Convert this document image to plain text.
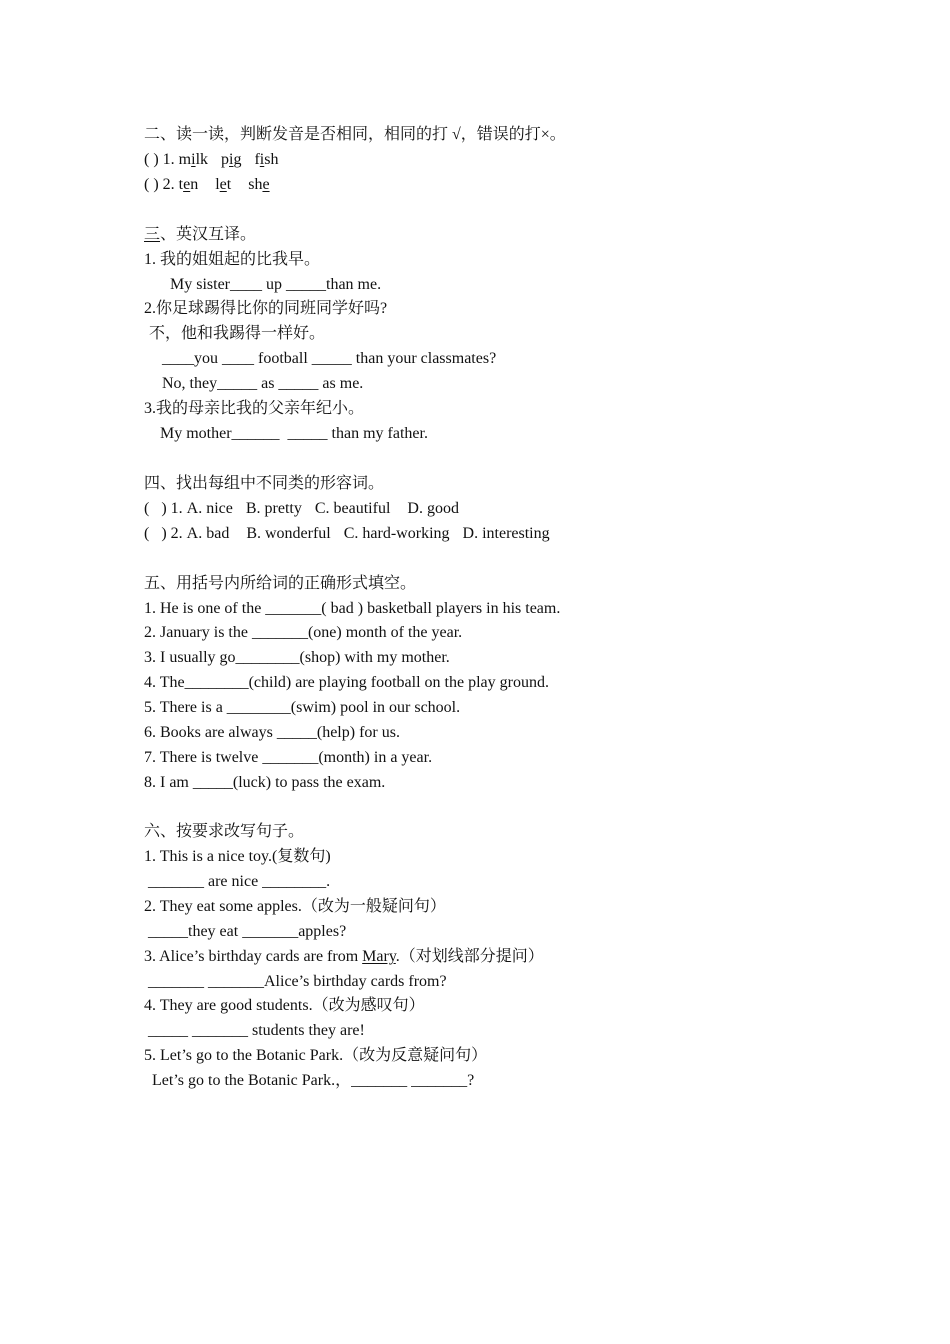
二、读一读，判断发音是否相同，相同的打 √，错误的打×。
( ) 1. milk pig fish
( ) 2. ten let she
三、英汉互译。
1. 我的姐姐起的比我早。
My sister____ up _____than me.
2.你足球踢得比你的同班同学好吗?
不，他和我踢得一样好。
____you ____ football _____ than your classmates?
No, they_____ as _____ as me.
3.我的母亲比我的父亲年纪小。
My mother______  _____ than my father.
四、找出每组中不同类的形容词。
(   ) 1. A. nice B. pretty C. beautiful D. good
(   ) 2. A. bad B. wonderful C. hard-working D. interesting
五、用括号内所给词的正确形式填空。
1. He is one of the _______( bad ) basketball players in his team.
2. January is the _______(one) month of the year.
3. I usually go________(shop) with my mother.
4. The________(child) are playing football on the play ground.
5. There is a ________(swim) pool in our school.
6. Books are always _____(help) for us.
7. There is twelve _______(month) in a year.
8. I am _____(luck) to pass the exam.
六、按要求改写句子。
1. This is a nice toy.(复数句)
_______ are nice ________.
2. They eat some apples.（改为一般疑问句）
_____they eat _______apples?
3. Alice’s birthday cards are from Mary.（对划线部分提问）
_______ _______Alice’s birthday cards from?
4. They are good students.（改为感叹句）
_____ _______ students they are!
5. Let’s go to the Botanic Park.（改为反意疑问句）
Let’s go to the Botanic Park.，_______ _______?
